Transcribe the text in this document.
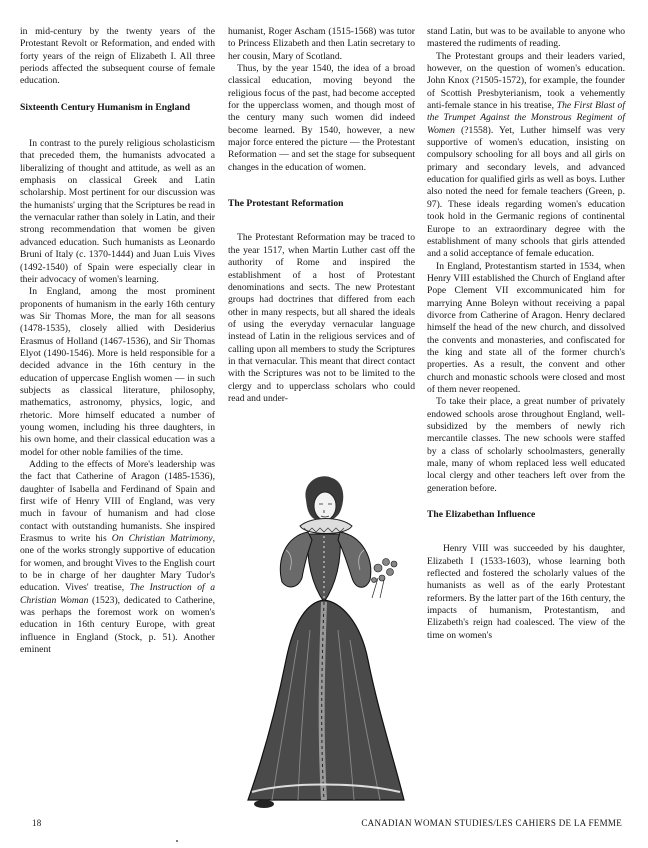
in mid-century by the twenty years of the Protestant Revolt or Reformation, and ended with forty years of the reign of Elizabeth I. All three periods affected the subsequent course of female education.

Sixteenth Century Humanism in England

In contrast to the purely religious scholasticism that preceded them, the humanists advocated a liberalizing of thought and attitude, as well as an emphasis on classical Greek and Latin scholarship. Most pertinent for our discussion was the humanists' urging that the Scriptures be read in the vernacular rather than solely in Latin, and their strong recommendation that women be given advanced education. Such humanists as Leonardo Bruni of Italy (c. 1370-1444) and Juan Luis Vives (1492-1540) of Spain were especially clear in their advocacy of women's learning.

In England, among the most prominent proponents of humanism in the early 16th century was Sir Thomas More, the man for all seasons (1478-1535), closely allied with Desiderius Erasmus of Holland (1467-1536), and Sir Thomas Elyot (1490-1546). More is held responsible for a decided advance in the 16th century in the education of uppercase English women — in such subjects as classical literature, philosophy, mathematics, astronomy, physics, logic, and rhetoric. More himself educated a number of young women, including his three daughters, in his own home, and their classical education was a model for other noble families of the time.

Adding to the effects of More's leadership was the fact that Catherine of Aragon (1485-1536), daughter of Isabella and Ferdinand of Spain and first wife of Henry VIII of England, was very much in favour of humanism and had close contact with outstanding humanists. She inspired Erasmus to write his On Christian Matrimony, one of the works strongly supportive of education for women, and brought Vives to the English court to be in charge of her daughter Mary Tudor's education. Vives' treatise, The Instruction of a Christian Woman (1523), dedicated to Catherine, was perhaps the foremost work on women's education in 16th century Europe, with great influence in England (Stock, p. 51). Another eminent

humanist, Roger Ascham (1515-1568) was tutor to Princess Elizabeth and then Latin secretary to her cousin, Mary of Scotland.

Thus, by the year 1540, the idea of a broad classical education, moving beyond the religious focus of the past, had become accepted for the upperclass women, and though most of the century many such women did indeed become learned. By 1540, however, a new major force entered the picture — the Protestant Reformation — and set the stage for subsequent changes in the education of women.

The Protestant Reformation

The Protestant Reformation may be traced to the year 1517, when Martin Luther cast off the authority of Rome and inspired the establishment of a host of Protestant denominations and sects. The new Protestant groups had doctrines that differed from each other in many respects, but all shared the ideals of using the everyday vernacular language instead of Latin in the religious services and of calling upon all members to study the Scriptures in that vernacular. This meant that direct contact with the Scriptures was not to be limited to the clergy and to upperclass scholars who could read and under-

stand Latin, but was to be available to anyone who mastered the rudiments of reading.

The Protestant groups and their leaders varied, however, on the question of women's education. John Knox (?1505-1572), for example, the founder of Scottish Presbyterianism, took a vehemently anti-female stance in his treatise, The First Blast of the Trumpet Against the Monstrous Regiment of Women (?1558). Yet, Luther himself was very supportive of women's education, insisting on compulsory schooling for all boys and all girls on primary and secondary levels, and advanced education for qualified girls as well as boys. Luther also noted the need for female teachers (Green, p. 97). These ideals regarding women's education took hold in the Germanic regions of continental Europe to an extraordinary degree with the establishment of many schools that girls attended and a solid acceptance of female education.

In England, Protestantism started in 1534, when Henry VIII established the Church of England after Pope Clement VII excommunicated him for marrying Anne Boleyn without receiving a papal divorce from Catherine of Aragon. Henry declared himself the head of the new church, and dissolved the convents and monasteries, and confiscated for the king and state all of the former church's properties. As a result, the convent and other church and monastic schools were closed and most of them never reopened.

To take their place, a great number of privately endowed schools arose throughout England, well-subsidized by the members of newly rich mercantile classes. The new schools were staffed by a class of scholarly schoolmasters, generally male, many of whom replaced less well educated local clergy and other teachers left over from the generation before.

The Elizabethan Influence

Henry VIII was succeeded by his daughter, Elizabeth I (1533-1603), whose learning both reflected and fostered the scholarly values of the humanists as well as of the early Protestant reformers. By the latter part of the 16th century, the impacts of humanism, Protestantism, and Elizabeth's reign had coalesced. The view of the time on women's

18	CANADIAN WOMAN STUDIES/LES CAHIERS DE LA FEMME
